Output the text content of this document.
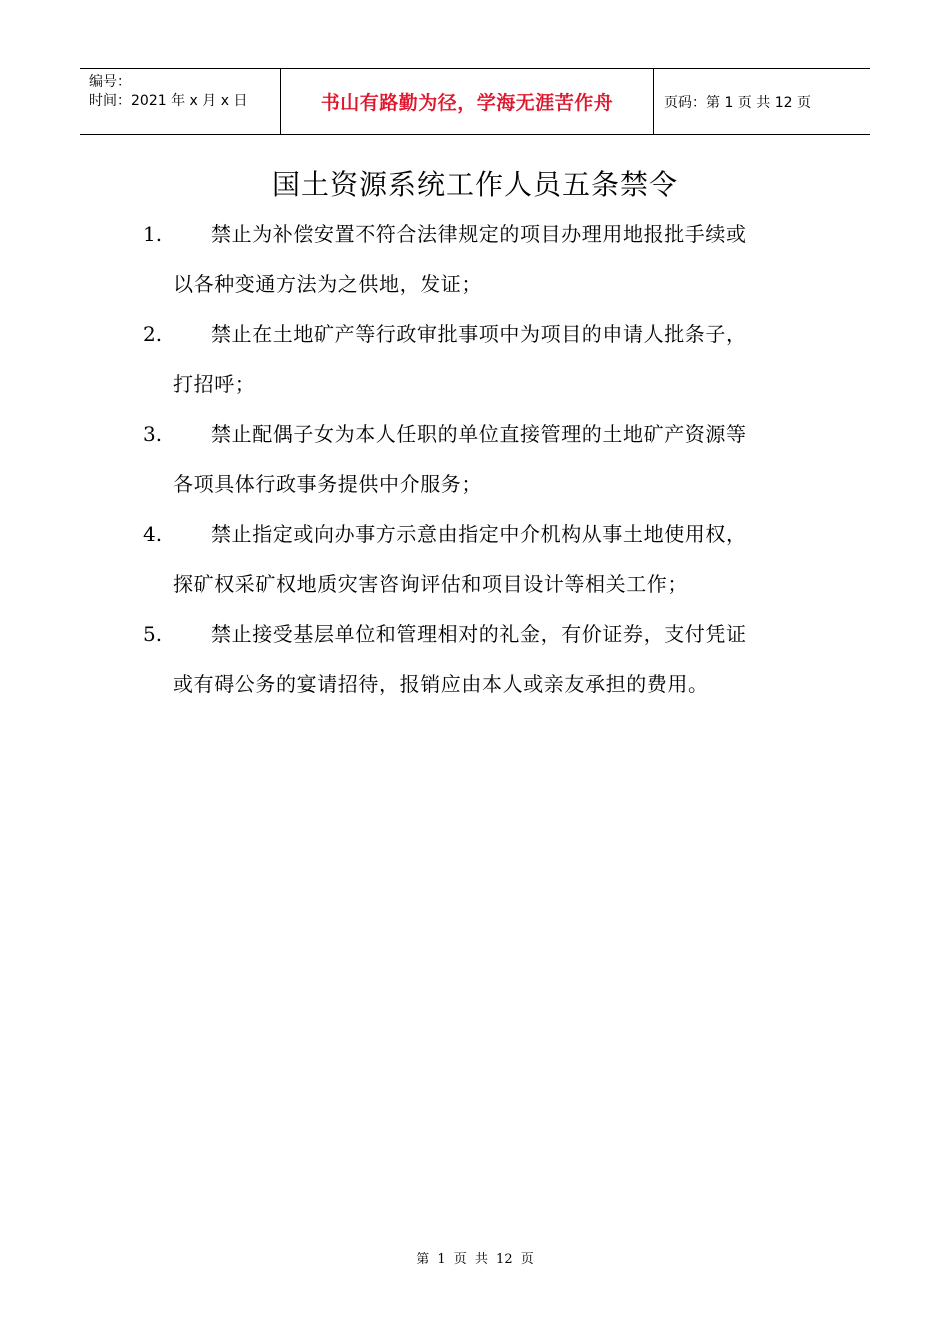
编号：
时间：2021 年 x 月 x 日	书山有路勤为径，学海无涯苦作舟	页码：第 1 页 共 12 页
国土资源系统工作人员五条禁令
1. 禁止为补偿安置不符合法律规定的项目办理用地报批手续或
以各种变通方法为之供地，发证；
2. 禁止在土地矿产等行政审批事项中为项目的申请人批条子，
打招呼；
3. 禁止配偶子女为本人任职的单位直接管理的土地矿产资源等
各项具体行政事务提供中介服务；
4. 禁止指定或向办事方示意由指定中介机构从事土地使用权，
探矿权采矿权地质灾害咨询评估和项目设计等相关工作；
5. 禁止接受基层单位和管理相对的礼金，有价证券，支付凭证
或有碍公务的宴请招待，报销应由本人或亲友承担的费用。
第 1 页 共 12 页
